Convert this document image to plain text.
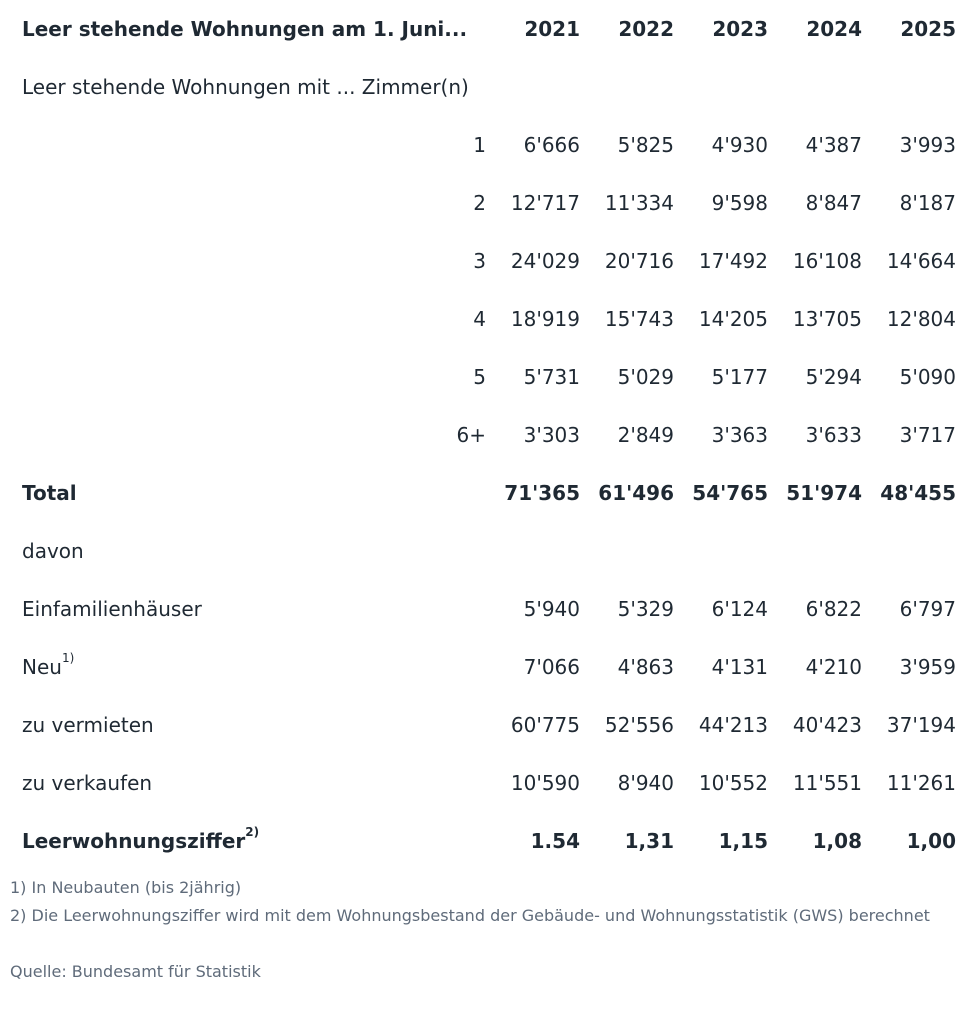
Leer stehende Wohnungen am 1. Juni...	2021	2022	2023	2024	2025
Leer stehende Wohnungen mit ... Zimmer(n)
1	6'666	5'825	4'930	4'387	3'993
2	12'717	11'334	9'598	8'847	8'187
3	24'029	20'716	17'492	16'108	14'664
4	18'919	15'743	14'205	13'705	12'804
5	5'731	5'029	5'177	5'294	5'090
6+	3'303	2'849	3'363	3'633	3'717
Total	71'365 61'496 54'765 51'974 48'455
davon
Einfamilienhäuser	5'940	5'329	6'124	6'822	6'797
Neu$^{1)}$	7'066	4'863	4'131	4'210	3'959
zu vermieten	60'775	52'556	44'213	40'423	37'194
zu verkaufen	10'590	8'940	10'552	11'551	11'261
Leerwohnungsziffer$^{2)}$	1.54	1,31	1,15	1,08	1,00

1) In Neubauten (bis 2jährig)

2) Die Leerwohnungsziffer wird mit dem Wohnungsbestand der Gebäude- und Wohnungsstatistik (GWS) berechnet

Quelle: Bundesamt für Statistik
